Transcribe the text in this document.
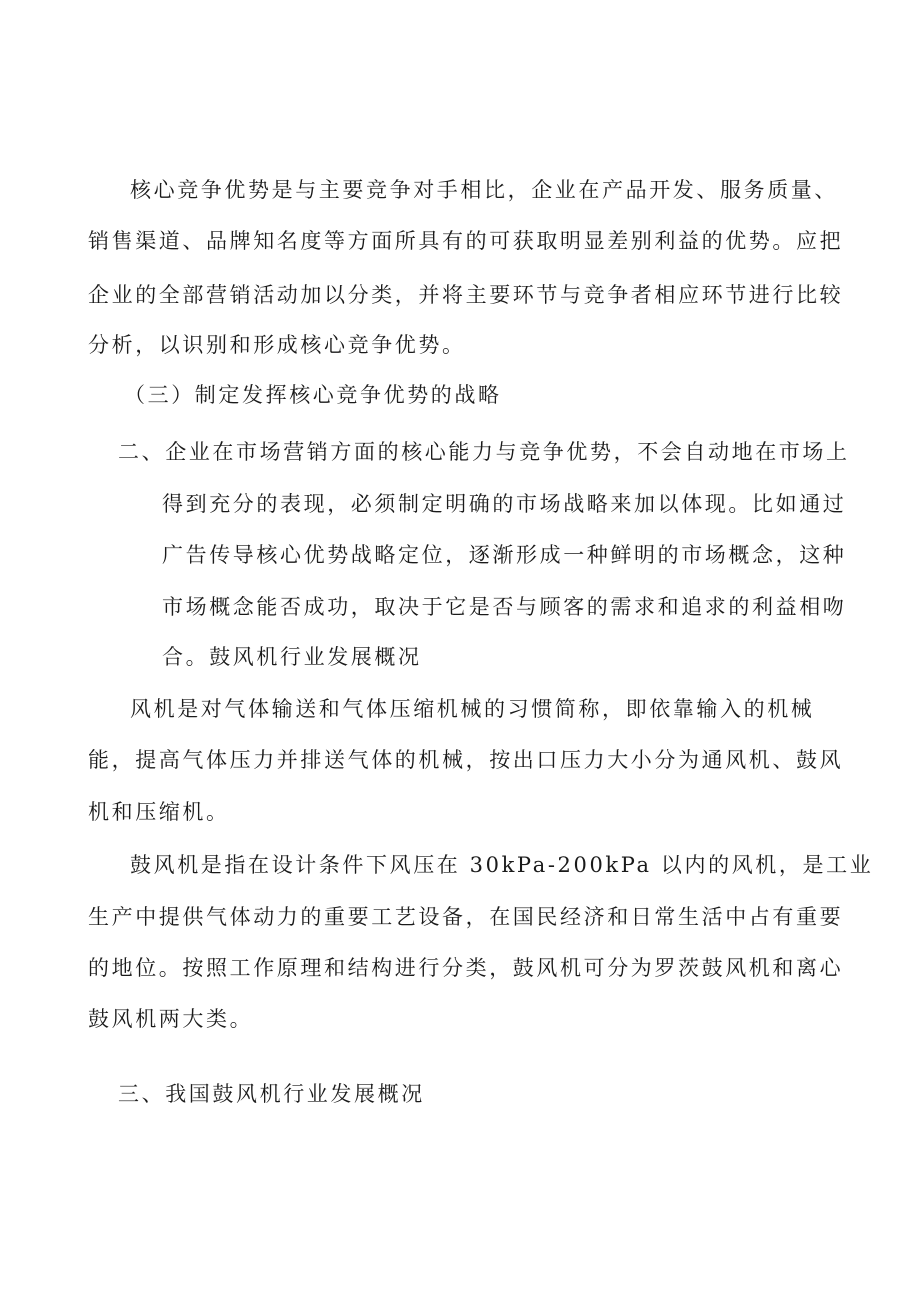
核心竞争优势是与主要竞争对手相比，企业在产品开发、服务质量、
销售渠道、品牌知名度等方面所具有的可获取明显差别利益的优势。应把
企业的全部营销活动加以分类，并将主要环节与竞争者相应环节进行比较
分析，以识别和形成核心竞争优势。
（三）制定发挥核心竞争优势的战略
二、企业在市场营销方面的核心能力与竞争优势，不会自动地在市场上
得到充分的表现，必须制定明确的市场战略来加以体现。比如通过
广告传导核心优势战略定位，逐渐形成一种鲜明的市场概念，这种
市场概念能否成功，取决于它是否与顾客的需求和追求的利益相吻
合。鼓风机行业发展概况
风机是对气体输送和气体压缩机械的习惯简称，即依靠输入的机械
能，提高气体压力并排送气体的机械，按出口压力大小分为通风机、鼓风
机和压缩机。
鼓风机是指在设计条件下风压在 30kPa-200kPa 以内的风机，是工业
生产中提供气体动力的重要工艺设备，在国民经济和日常生活中占有重要
的地位。按照工作原理和结构进行分类，鼓风机可分为罗茨鼓风机和离心
鼓风机两大类。
三、我国鼓风机行业发展概况
